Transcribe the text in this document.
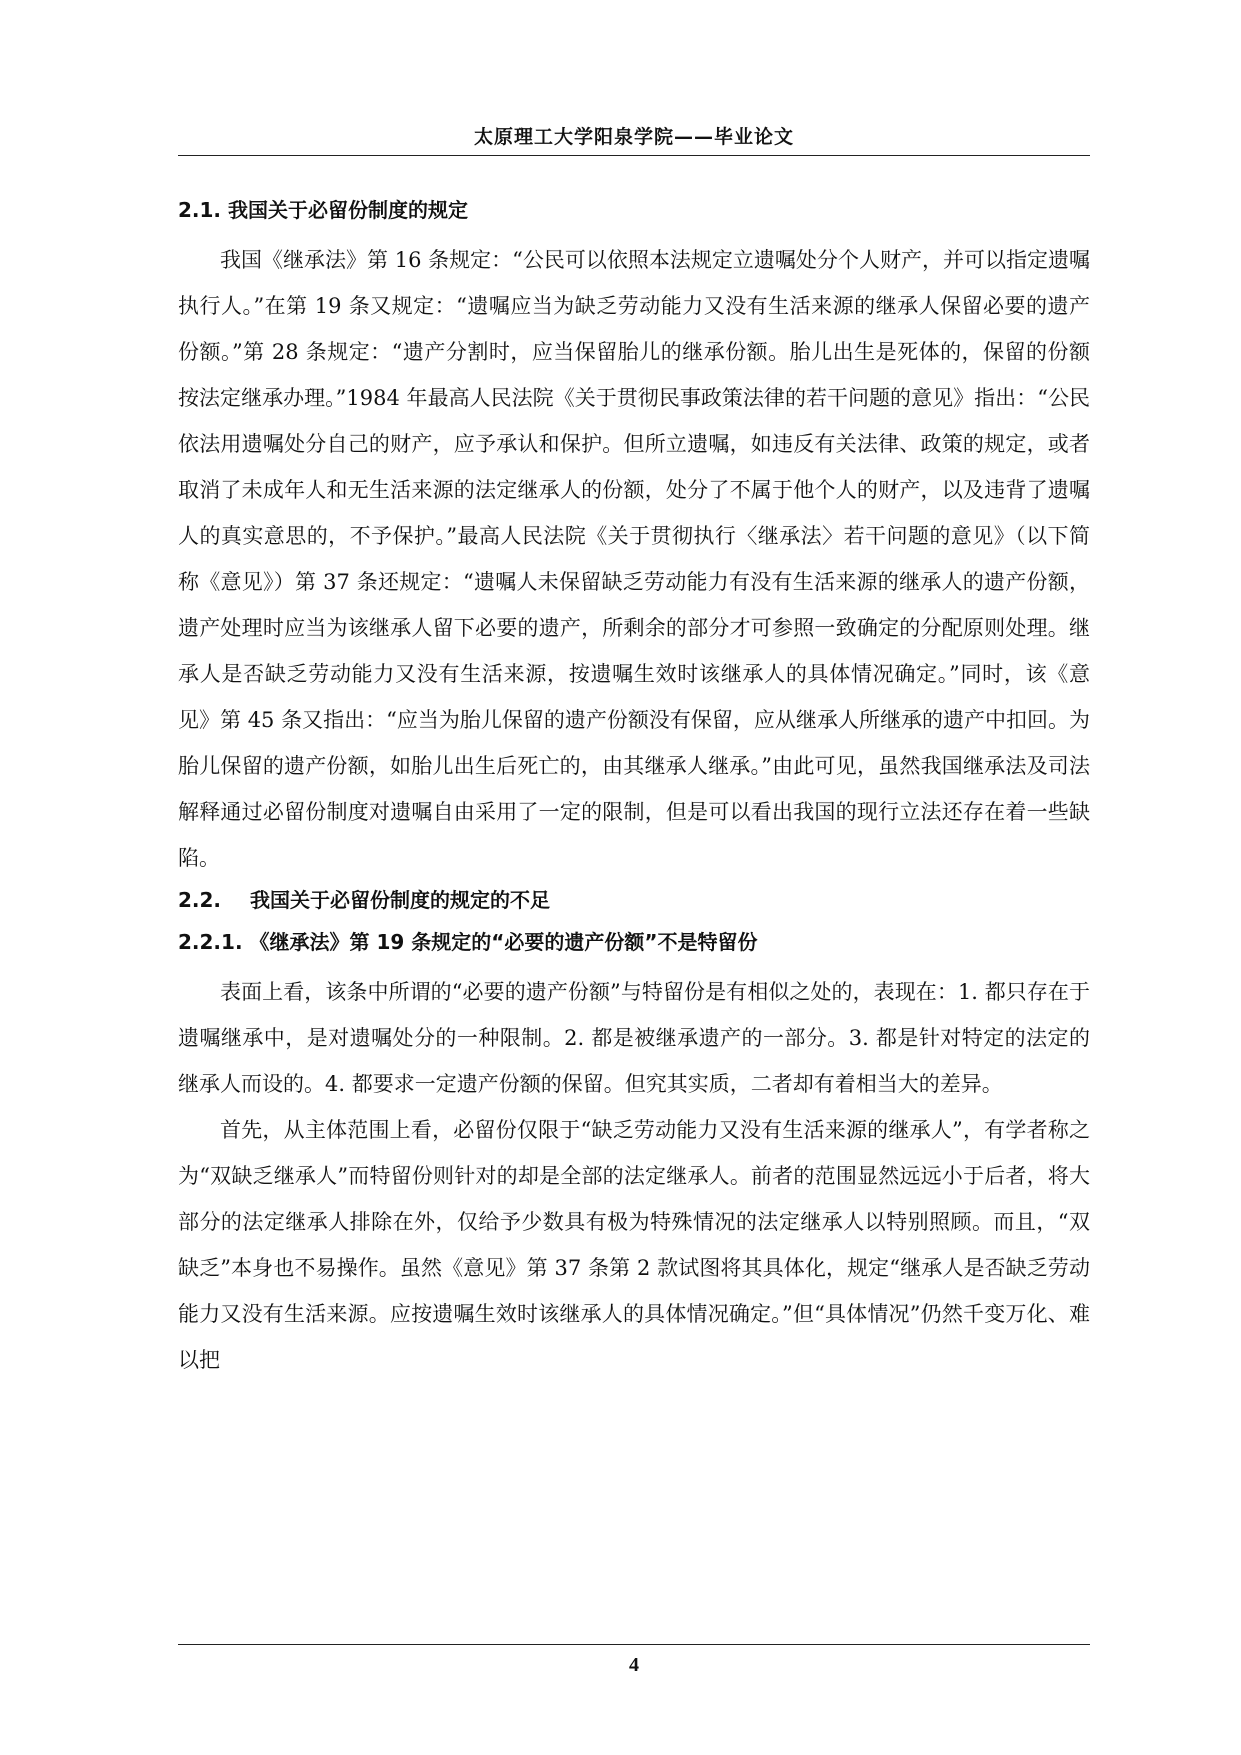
太原理工大学阳泉学院——毕业论文
2.1. 我国关于必留份制度的规定

我国《继承法》第 16 条规定：“公民可以依照本法规定立遗嘱处分个人财产，并可以指定遗嘱执行人。”在第 19 条又规定：“遗嘱应当为缺乏劳动能力又没有生活来源的继承人保留必要的遗产份额。”第 28 条规定：“遗产分割时，应当保留胎儿的继承份额。胎儿出生是死体的，保留的份额按法定继承办理。”1984 年最高人民法院《关于贯彻民事政策法律的若干问题的意见》指出：“公民依法用遗嘱处分自己的财产，应予承认和保护。但所立遗嘱，如违反有关法律、政策的规定，或者取消了未成年人和无生活来源的法定继承人的份额，处分了不属于他个人的财产，以及违背了遗嘱人的真实意思的，不予保护。”最高人民法院《关于贯彻执行〈继承法〉若干问题的意见》（以下简称《意见》）第 37 条还规定：“遗嘱人未保留缺乏劳动能力有没有生活来源的继承人的遗产份额，遗产处理时应当为该继承人留下必要的遗产，所剩余的部分才可参照一致确定的分配原则处理。继承人是否缺乏劳动能力又没有生活来源，按遗嘱生效时该继承人的具体情况确定。”同时，该《意见》第 45 条又指出：“应当为胎儿保留的遗产份额没有保留，应从继承人所继承的遗产中扣回。为胎儿保留的遗产份额，如胎儿出生后死亡的，由其继承人继承。”由此可见，虽然我国继承法及司法解释通过必留份制度对遗嘱自由采用了一定的限制，但是可以看出我国的现行立法还存在着一些缺陷。

2.2. 我国关于必留份制度的规定的不足
2.2.1. 《继承法》第 19 条规定的“必要的遗产份额”不是特留份

表面上看，该条中所谓的“必要的遗产份额”与特留份是有相似之处的，表现在：1. 都只存在于遗嘱继承中，是对遗嘱处分的一种限制。2. 都是被继承遗产的一部分。3. 都是针对特定的法定的继承人而设的。4. 都要求一定遗产份额的保留。但究其实质，二者却有着相当大的差异。

首先，从主体范围上看，必留份仅限于“缺乏劳动能力又没有生活来源的继承人”，有学者称之为“双缺乏继承人”而特留份则针对的却是全部的法定继承人。前者的范围显然远远小于后者，将大部分的法定继承人排除在外，仅给予少数具有极为特殊情况的法定继承人以特别照顾。而且，“双缺乏”本身也不易操作。虽然《意见》第 37 条第 2 款试图将其具体化，规定“继承人是否缺乏劳动能力又没有生活来源。应按遗嘱生效时该继承人的具体情况确定。”但“具体情况”仍然千变万化、难以把

4
